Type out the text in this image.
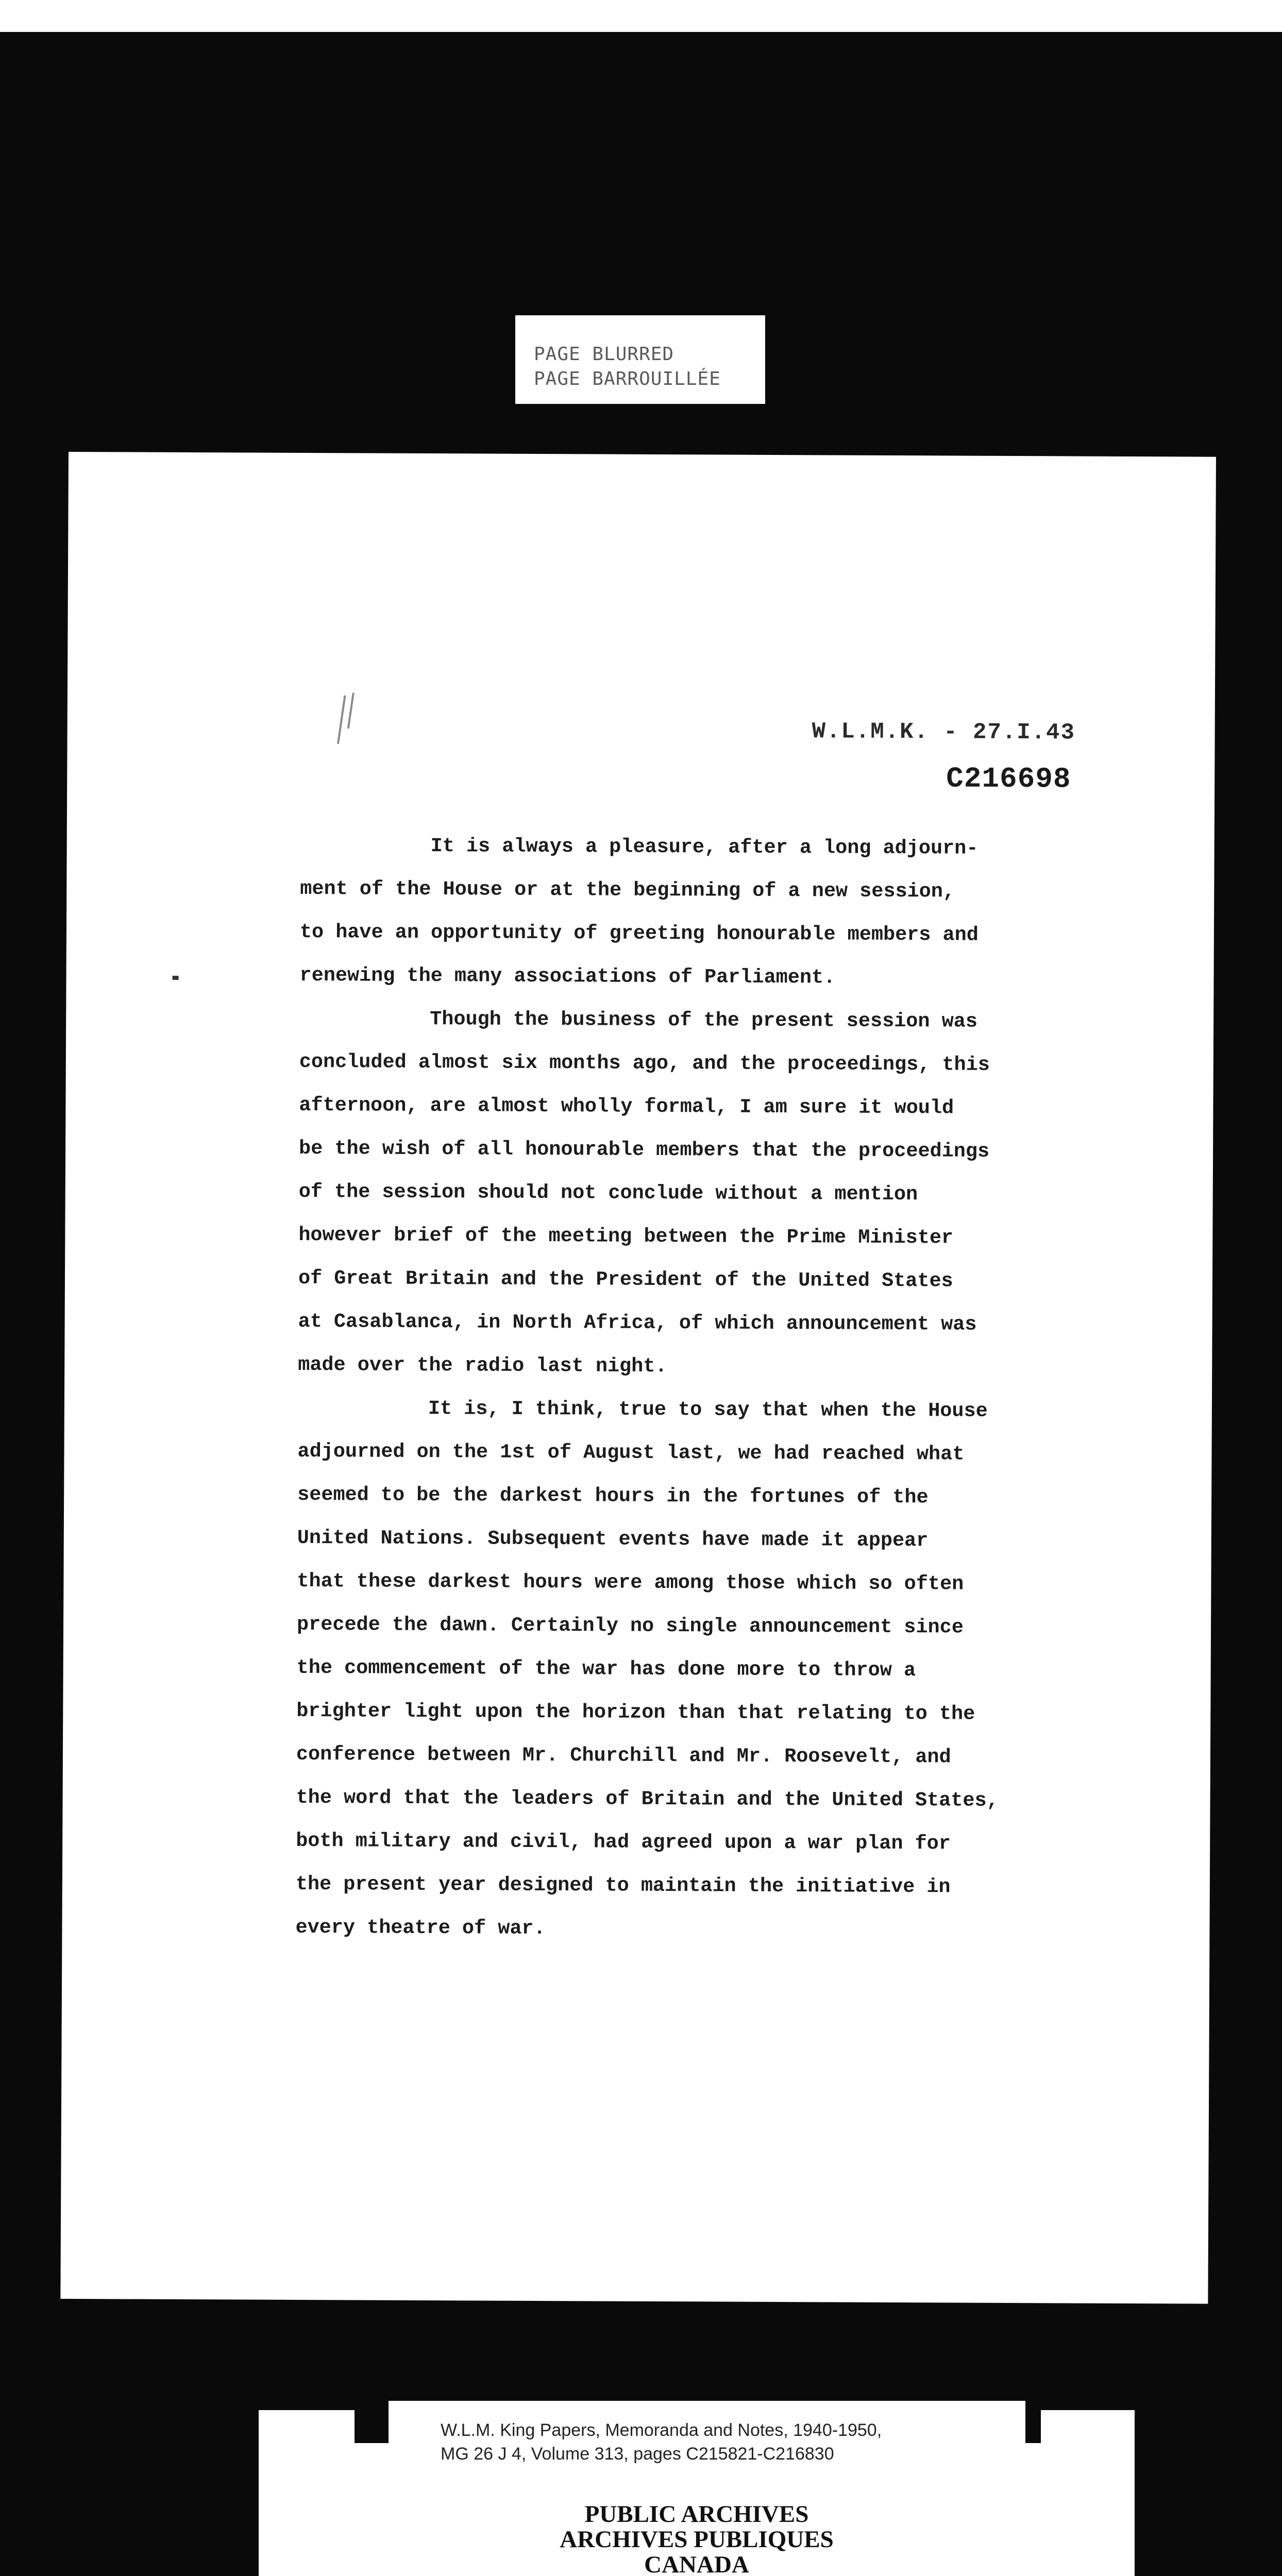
PAGE BLURRED
PAGE BARROUILLÉE
W.L.M.K. - 27.I.43
C216698
It is always a pleasure, after a long adjourn-
ment of the House or at the beginning of a new session,
to have an opportunity of greeting honourable members and
renewing the many associations of Parliament.
Though the business of the present session was
concluded almost six months ago, and the proceedings, this
afternoon, are almost wholly formal, I am sure it would
be the wish of all honourable members that the proceedings
of the session should not conclude without a mention
however brief of the meeting between the Prime Minister
of Great Britain and the President of the United States
at Casablanca, in North Africa, of which announcement was
made over the radio last night.
It is, I think, true to say that when the House
adjourned on the 1st of August last, we had reached what
seemed to be the darkest hours in the fortunes of the
United Nations. Subsequent events have made it appear
that these darkest hours were among those which so often
precede the dawn. Certainly no single announcement since
the commencement of the war has done more to throw a
brighter light upon the horizon than that relating to the
conference between Mr. Churchill and Mr. Roosevelt, and
the word that the leaders of Britain and the United States,
both military and civil, had agreed upon a war plan for
the present year designed to maintain the initiative in
every theatre of war.
W.L.M. King Papers, Memoranda and Notes, 1940-1950,
MG 26 J 4, Volume 313, pages C215821-C216830
PUBLIC ARCHIVES
ARCHIVES PUBLIQUES
CANADA
